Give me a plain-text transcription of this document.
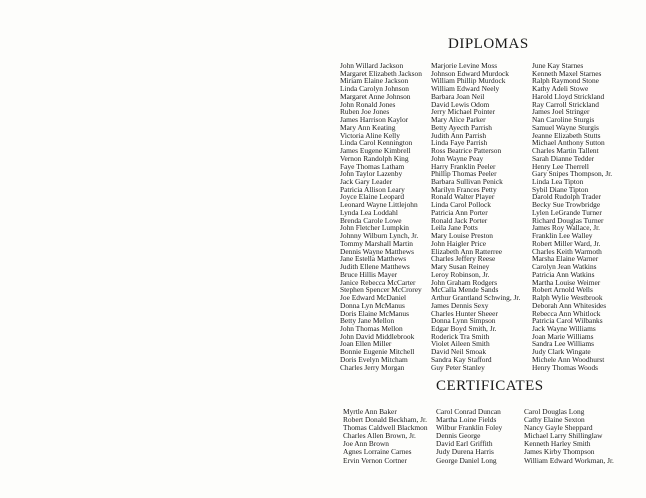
DIPLOMAS
John Willard Jackson
Margaret Elizabeth Jackson
Miriam Elaine Jackson
Linda Carolyn Johnson
Margaret Anne Johnson
John Ronald Jones
Ruben Joe Jones
James Harrison Kaylor
Mary Ann Keating
Victoria Aline Kelly
Linda Carol Kennington
James Eugene Kimbrell
Vernon Randolph King
Faye Thomas Latham
John Taylor Lazenby
Jack Gary Leader
Patricia Allison Leary
Joyce Elaine Leopard
Leonard Wayne Littlejohn
Lynda Lea Loddahl
Brenda Carole Lowe
John Fletcher Lumpkin
Johnny Wilburn Lynch, Jr.
Tommy Marshall Martin
Dennis Wayne Matthews
Jane Estella Matthews
Judith Ellene Matthews
Bruce Hillis Mayer
Janice Rebecca McCarter
Stephen Spencer McCrorey
Joe Edward McDaniel
Donna Lyn McManus
Doris Elaine McManus
Betty Jane Mellon
John Thomas Mellon
John David Middlebrook
Joan Ellen Miller
Bonnie Eugenie Mitchell
Doris Evelyn Mitcham
Charles Jerry Morgan
Marjorie Levine Moss
Johnson Edward Murdock
William Phillip Murdock
William Edward Neely
Barbara Joan Neil
David Lewis Odom
Jerry Michael Pointer
Mary Alice Parker
Betty Ayecth Parrish
Judith Ann Parrish
Linda Faye Parrish
Ross Beatrice Patterson
John Wayne Peay
Harry Franklin Peeler
Phillip Thomas Peeler
Barbara Sullivan Penick
Marilyn Frances Petty
Ronald Walter Player
Linda Carol Pollock
Patricia Ann Porter
Ronald Jack Porter
Leila Jane Potts
Mary Louise Preston
John Haigler Price
Elizabeth Ann Ratterree
Charles Jeffery Reese
Mary Susan Reiney
Leroy Robinson, Jr.
John Graham Rodgers
McCalla Mende Sands
Arthur Grantland Schwing, Jr.
James Dennis Sexy
Charles Hunter Sheeer
Donna Lynn Simpson
Edgar Boyd Smith, Jr.
Roderick Tra Smith
Violet Aileen Smith
David Neil Smoak
Sandra Kay Stafford
Guy Peter Stanley
June Kay Starnes
Kenneth Maxel Starnes
Ralph Raymond Stone
Kathy Adeli Stowe
Harold Lloyd Strickland
Ray Carroll Strickland
James Joel Stringer
Nan Caroline Sturgis
Samuel Wayne Sturgis
Jeanne Elizabeth Stutts
Michael Anthony Sutton
Charles Martin Tallent
Sarah Dianne Tedder
Henry Lee Therrell
Gary Snipes Thompson, Jr.
Linda Lea Tipton
Sybil Diane Tipton
Darold Rudolph Trader
Becky Sue Trowbridge
Lylen LeGrande Turner
Richard Douglas Turner
James Roy Wallace, Jr.
Franklin Lee Walley
Robert Miller Ward, Jr.
Charles Keith Warmoth
Marsha Elaine Warner
Carolyn Jean Watkins
Patricia Ann Watkins
Martha Louise Weimer
Robert Arnold Wells
Ralph Wylie Westbrook
Deborah Ann Whitesides
Rebecca Ann Whitlock
Patricia Carol Wilbanks
Jack Wayne Williams
Joan Marie Williams
Sandra Lee Williams
Judy Clark Wingate
Michele Ann Woodhurst
Henry Thomas Woods
CERTIFICATES
Myrtle Ann Baker
Robert Donald Beckham, Jr.
Thomas Caldwell Blackmon
Charles Allen Brown, Jr.
Joe Ann Brown
Agnes Lorraine Carnes
Ervin Vernon Cortner
Carol Conrad Duncan
Martha Loine Fields
Wilbur Franklin Foley
Dennis George
David Earl Griffith
Judy Durena Harris
George Daniel Long
Carol Douglas Long
Cathy Elaine Sexton
Nancy Gayle Sheppard
Michael Larry Shillinglaw
Kenneth Harley Smith
James Kirby Thompson
William Edward Workman, Jr.
